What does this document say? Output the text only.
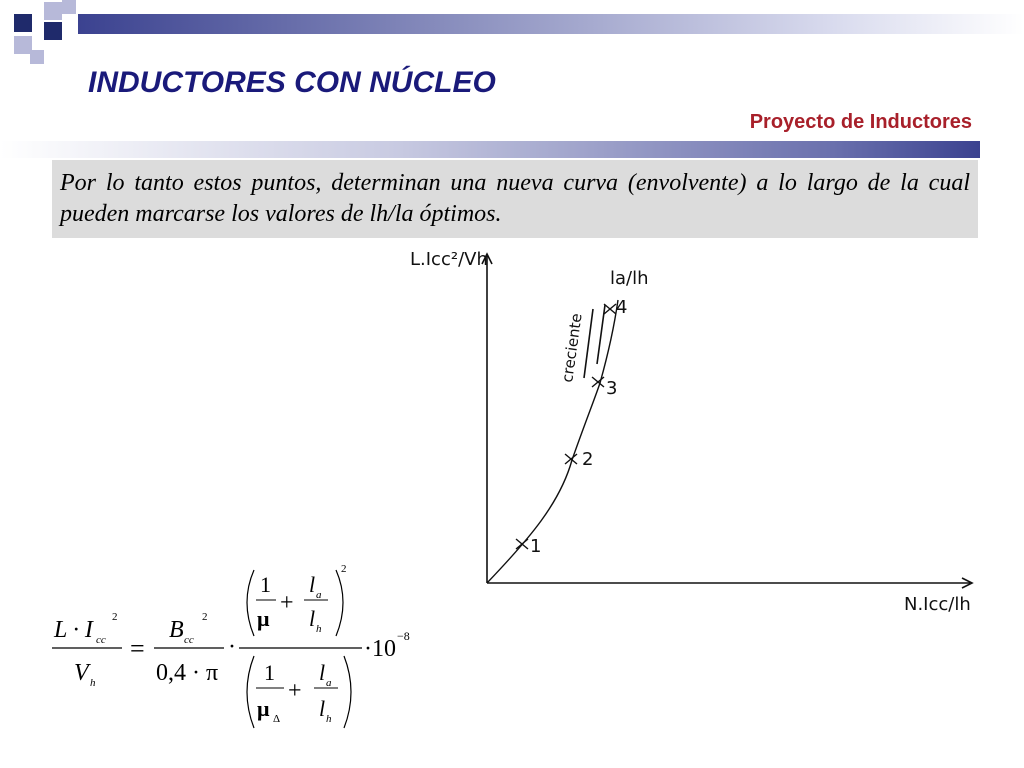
INDUCTORES CON NÚCLEO
Proyecto de Inductores
Por lo tanto estos puntos, determinan una nueva curva (envolvente) a lo largo de la cual pueden marcarse los valores de lh/la óptimos.
L.Icc²/Vh
N.Icc/lh
la/lh
creciente
1
2
3
4
L · I cc
2
V h
=
B cc
2
0,4 · π
·
2
1
μ
+
l a
l h
1
μ Δ
+
l a
l h
·10 −8
